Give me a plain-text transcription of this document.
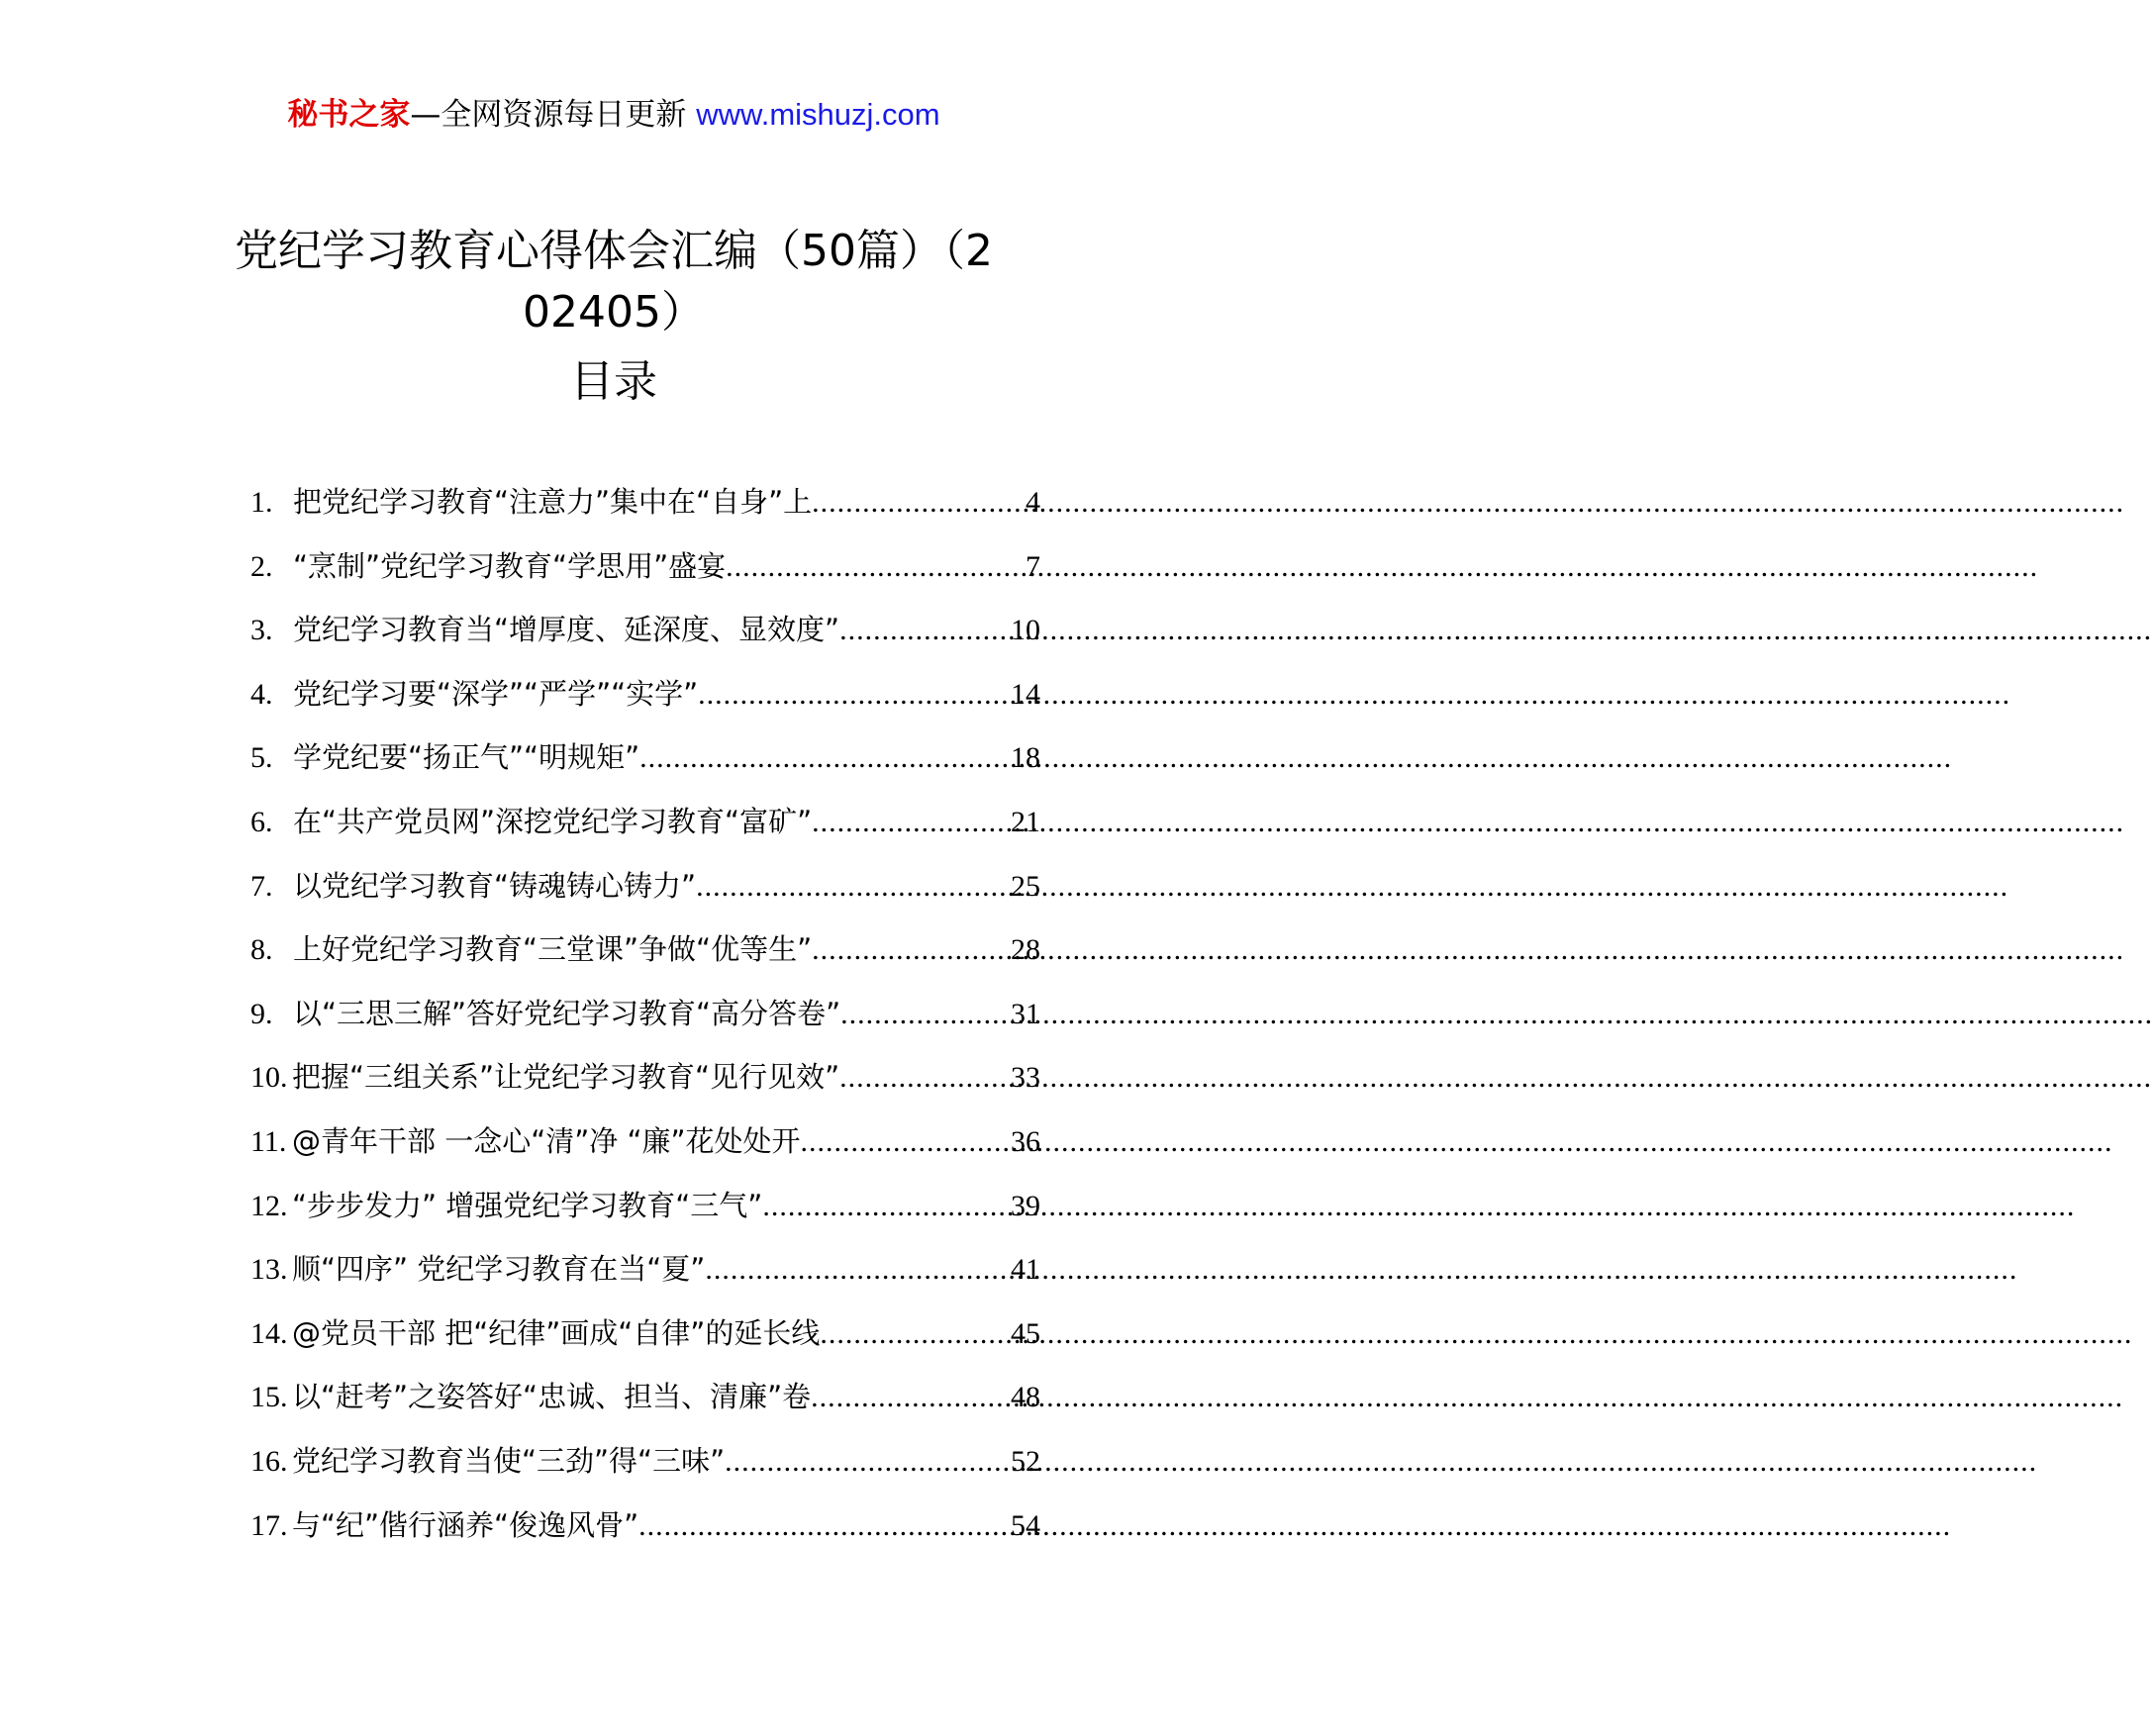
秘书之家—全网资源每日更新 www.mishuzj.com
党纪学习教育心得体会汇编（50篇）（2
02405）
目录
1. 把党纪学习教育“注意力”集中在“自身”上 .....	4
2. “烹制”党纪学习教育“学思用”盛宴 .....	7
3. 党纪学习教育当“增厚度、延深度、显效度” .....	10
4. 党纪学习要“深学”“严学”“实学” .....	14
5. 学党纪要“扬正气”“明规矩” .....	18
6. 在“共产党员网”深挖党纪学习教育“富矿” .....	21
7. 以党纪学习教育“铸魂铸心铸力” .....	25
8. 上好党纪学习教育“三堂课”争做“优等生” .....	28
9. 以“三思三解”答好党纪学习教育“高分答卷” .....	31
10. 把握“三组关系”让党纪学习教育“见行见效” .....	33
11. @青年干部 一念心“清”净 “廉”花处处开 .....	36
12. “步步发力” 增强党纪学习教育“三气” .....	39
13. 顺“四序” 党纪学习教育在当“夏” .....	41
14. @党员干部 把“纪律”画成“自律”的延长线 .....	45
15. 以“赶考”之姿答好“忠诚、担当、清廉”卷 .....	48
16. 党纪学习教育当使“三劲”得“三味” .....	52
17. 与“纪”偕行涵养“俊逸风骨” .....	54
